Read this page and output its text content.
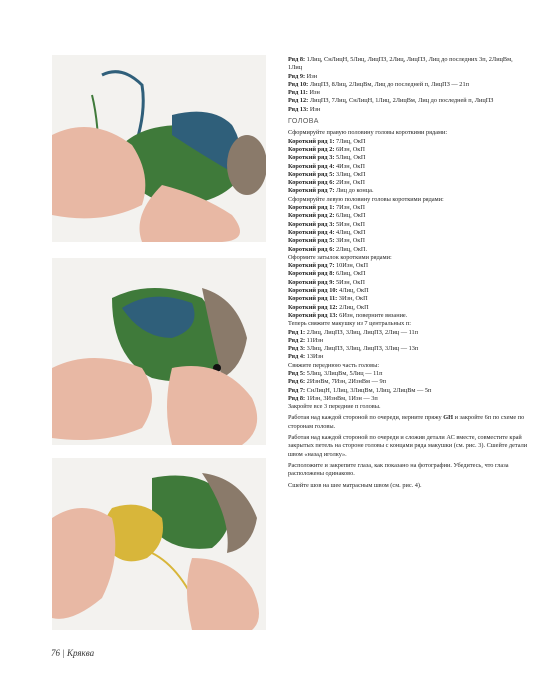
Ряд 8: 1Лиц, СнЛицН, 5Лиц, ЛицПЗ, 2Лиц, ЛицПЗ, Лиц до последних 3п, 2ЛицВм, 1Лиц
Ряд 9: Изн
Ряд 10: ЛицПЗ, 8Лиц, 2ЛицВм, Лиц до последней п, ЛицПЗ — 21п
Ряд 11: Изн
Ряд 12: ЛицПЗ, 7Лиц, СнЛицН, 1Лиц, 2ЛицВм, Лиц до последней п, ЛицПЗ
Ряд 13: Изн
ГОЛОВА
Сформируйте правую половину головы короткими рядами:
Короткий ряд 1: 7Лиц, ОкП
Короткий ряд 2: 6Изн, ОкП
Короткий ряд 3: 5Лиц, ОкП
Короткий ряд 4: 4Изн, ОкП
Короткий ряд 5: 3Лиц, ОкП
Короткий ряд 6: 2Изн, ОкП
Короткий ряд 7: Лиц до конца.
Сформируйте левую половину головы короткими рядами:
Короткий ряд 1: 7Изн, ОкП
Короткий ряд 2: 6Лиц, ОкП
Короткий ряд 3: 5Изн, ОкП
Короткий ряд 4: 4Лиц, ОкП
Короткий ряд 5: 3Изн, ОкП
Короткий ряд 6: 2Лиц, ОкП.
Оформите затылок короткими рядами:
Короткий ряд 7: 10Изн, ОкП
Короткий ряд 8: 6Лиц, ОкП
Короткий ряд 9: 5Изн, ОкП
Короткий ряд 10: 4Лиц, ОкП
Короткий ряд 11: 3Изн, ОкП
Короткий ряд 12: 2Лиц, ОкП
Короткий ряд 13: 6Изн, поверните вязание.
Теперь свяжите макушку из 7 центральных п:
Ряд 1: 2Лиц, ЛицПЗ, 3Лиц, ЛицПЗ, 2Лиц — 11п
Ряд 2: 11Изн
Ряд 3: 3Лиц, ЛицПЗ, 3Лиц, ЛицПЗ, 3Лиц — 13п
Ряд 4: 13Изн
Свяжите переднюю часть головы:
Ряд 5: 5Лиц, 3ЛицВм, 5Лиц — 11п
Ряд 6: 2ИзнВм, 7Изн, 2ИзнВм — 9п
Ряд 7: СнЛицН, 1Лиц, 3ЛицВм, 1Лиц, 2ЛицВм — 5п
Ряд 8: 1Изн, 3ИзнВм, 1Изн — 3п
Закройте все 3 передние п головы.
Работая над каждой стороной по очереди, верните пряжу GH и закройте 6п по схеме по сторонам головы.
Работая над каждой стороной по очереди и сложив детали АС вместе, совместите край закрытых петель на стороне головы с концами ряда макушки (см. рис. 3). Сшейте детали швом «назад иголку».
Расположите и закрепите глаза, как показано на фотографии. Убедитесь, что глаза расположены одинаково.
Сшейте шов на шее матрасным швом (см. рис. 4).
76 | Кряква
